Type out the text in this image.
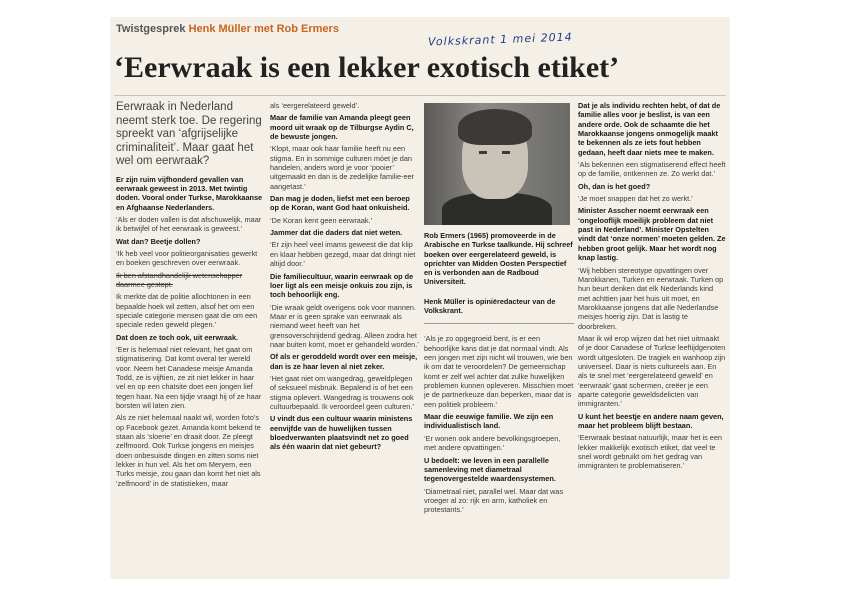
Twistgesprek Henk Müller met Rob Ermers
Volkskrant 1 mei 2014
‘Eerwraak is een lekker exotisch etiket’
Eerwraak in Nederland neemt sterk toe. De regering spreekt van ‘afgrijselijke criminaliteit’. Maar gaat het wel om eerwraak?

Er zijn ruim vijfhonderd gevallen van eerwraak geweest in 2013. Met twintig doden. Vooral onder Turkse, Marokkaanse en Afghaanse Nederlanders.

‘Als er doden vallen is dat afschuwelijk, maar ik betwijfel of het eerwraak is geweest.’

Wat dan? Beetje dollen?

‘Ik heb veel voor politieorganisaties gewerkt en boeken geschreven over eerwraak.

Ik ben afstandhandelijk wetenschapper daarmee gestopt.

Ik merkte dat de politie allochtonen in een bepaalde hoek wil zetten, alsof het om een speciale categorie mensen gaat die om een speciale reden geweld plegen.’

Dat doen ze toch ook, uit eerwraak.

‘Eer is helemaal niet relevant, het gaat om stigmatisering. Dat komt overal ter wereld voor. Neem het Canadese meisje Amanda Todd, ze is vijftien, ze zit niet lekker in haar vel en op een chatsite doet een jongen lief tegen haar. Na een tijdje vraagt hij of ze haar borsten wil laten zien.

Als ze niet helemaal naakt wil, worden foto’s op Facebook gezet. Amanda komt bekend te staan als ‘sloerie’ en draait door. Ze pleegt zelfmoord. Ook Turkse jongens en meisjes doen onbesuisde dingen en zitten soms niet lekker in hun vel. Als het om Meryem, een Turks meisje, zou gaan dan komt het niet als ‘zelfmoord’ in de statistieken, maar

als ‘eergerelateerd geweld’.

Maar de familie van Amanda pleegt geen moord uit wraak op de Tilburgse Aydin C, de bewuste jongen.

‘Klopt, maar ook haar familie heeft nu een stigma. En in sommige culturen móet je dan handelen, anders word je voor ‘pooier’ uitgemaakt en dan is de zedelijke familie-eer aangetast.’

Dan mag je doden, liefst met een beroep op de Koran, want God haat onkuisheid.

‘De Koran kent geen eerwraak.’

Jammer dat die daders dat niet weten.

‘Er zijn heel veel imams geweest die dat klip en klaar hebben gezegd, maar dat dringt niet altijd door.’

Die familiecultuur, waarin eerwraak op de loer ligt als een meisje onkuis zou zijn, is toch behoorlijk eng.

‘Die wraak geldt overigens ook voor mannen. Maar er is geen sprake van eerwraak als niemand weet heeft van het grensoverschrijdend gedrag. Alleen zodra het naar buiten komt, moet er gehandeld worden.’

Of als er geroddeld wordt over een meisje, dan is ze haar leven al niet zeker.

‘Het gaat niet om wangedrag, geweldplegen of seksueel misbruik. Bepalend is of het een stigma oplevert. Wangedrag is trouwens ook cultuurbepaald. Ik veroordeel geen culturen.’

U vindt dus een cultuur waarin ministens eenvijfde van de huwelijken tussen bloedverwanten plaatsvindt net zo goed als één waarin dat niet gebeurt?

Rob Ermers (1965) promoveerde in de Arabische en Turkse taalkunde. Hij schreef boeken over eergerelateerd geweld, is oprichter van Midden Oosten Perspectief en is verbonden aan de Radboud Universiteit.
Henk Müller is opiniëredacteur van de Volkskrant.

‘Als je zo opgegroeid bent, is er een behoorlijke kans dat je dat normaal vindt. Als een jongen met zijn nicht wil trouwen, wie ben ik om dat te veroordelen? De gemeenschap komt er zelf wel achter dat zulke huwelijken problemen kunnen opleveren. Misschien moet je de partnerkeuze dan beperken, maar dat is een politiek probleem.’

Maar die eeuwige familie. We zijn een individualistisch land.

‘Er wonen ook andere bevolkingsgroepen, met andere opvattingen.’

U bedoelt: we leven in een parallelle samenleving met diametraal tegenovergestelde waardensystemen.

‘Diametraal niet, parallel wel. Maar dat was vroeger al zo: rijk en arm, katholiek en protestants.’

Dat je als individu rechten hebt, of dat de familie alles voor je beslist, is van een andere orde. Ook de schaamte die het Marokkaanse jongens onmogelijk maakt te bekennen als ze iets fout hebben gedaan, heeft daar niets mee te maken.

‘Als bekennen een stigmatiserend effect heeft op de familie, ontkennen ze. Zo werkt dat.’

Oh, dan is het goed?

‘Je moet snappen dat het zo werkt.’

Minister Asscher noemt eerwraak een ‘ongelooflijk moeilijk probleem dat niet past in Nederland’. Minister Opstelten vindt dat ‘onze normen’ moeten gelden. Ze hebben groot gelijk. Maar het wordt nog knap lastig.

‘Wij hebben stereotype opvattingen over Marokkanen, Turken en eerwraak. Turken op hun beurt denken dat elk Nederlands kind met achttien jaar het huis uit moet, en Marokkaanse jongens dat alle Nederlandse meisjes hoerig zijn. Dat is lastig te doorbreken.

Maar ik wil erop wijzen dat het niet uitmaakt of je door Canadese of Turkse leeftijdgenoten wordt uitgesloten. De tragiek en wanhoop zijn universeel. Daar is niets cultureels aan. En als te snel met ‘eergerelateerd geweld’ en ‘eerwraak’ gaat schermen, creëer je een aparte categorie geweldsdelicten van immigranten.’

U kunt het beestje en andere naam geven, maar het probleem blijft bestaan.

‘Eerwraak bestaat natuurlijk, maar het is een lekker makkelijk exotisch etiket, dat veel te snel wordt gebruikt om het gedrag van immigranten te problematiseren.’
